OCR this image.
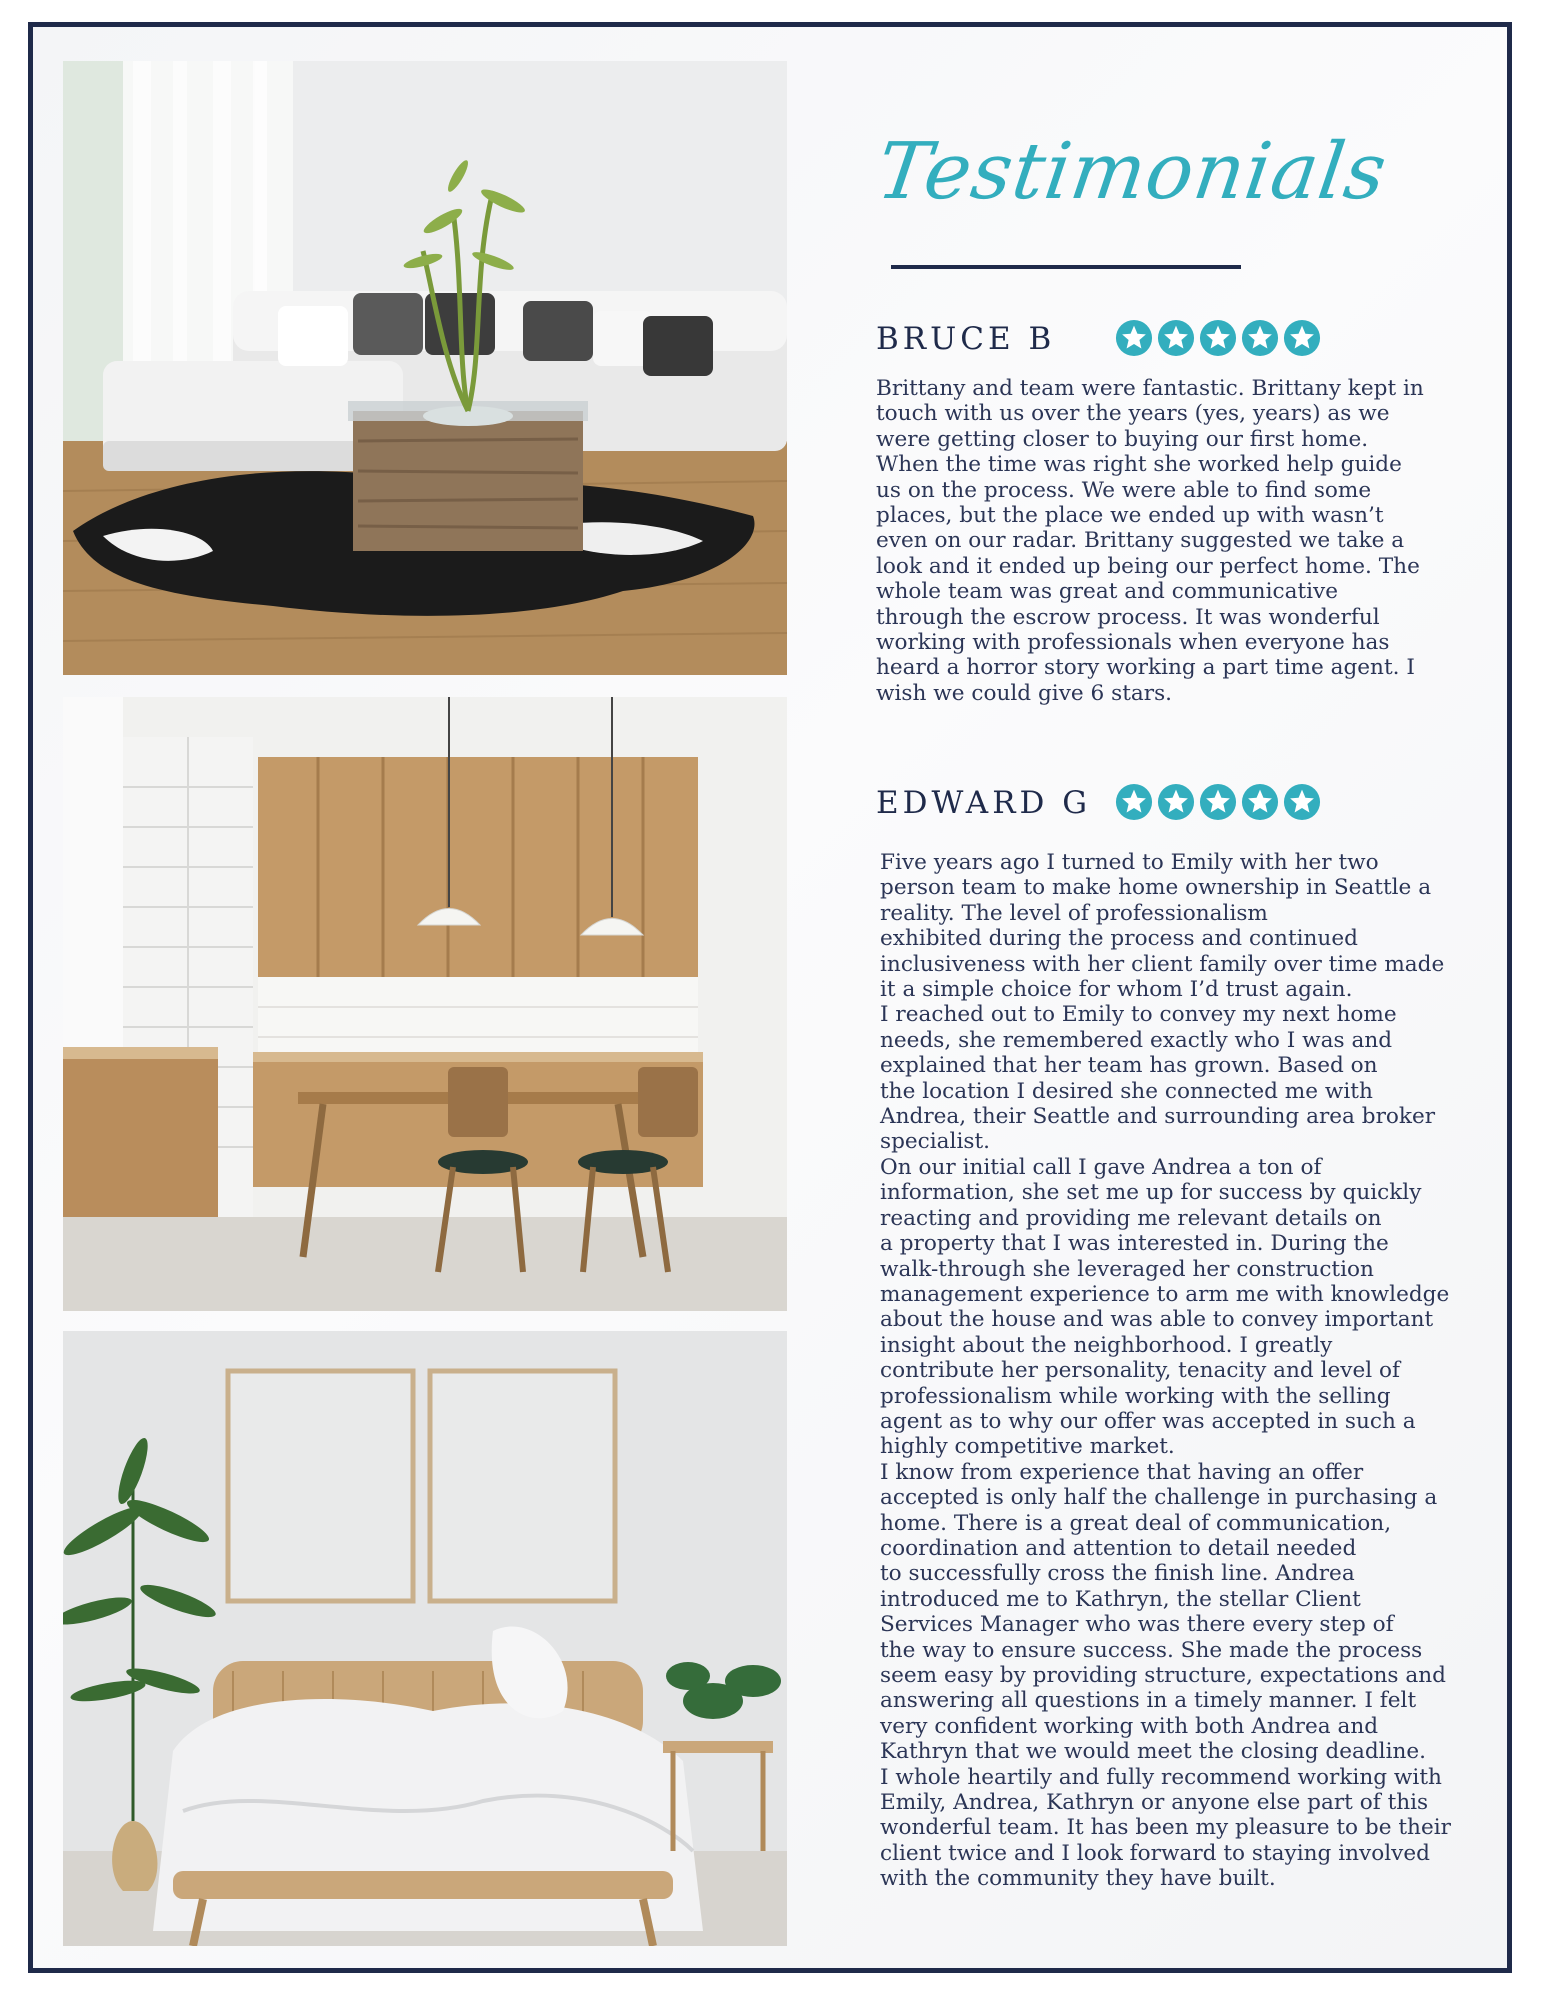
Testimonials
BRUCE B

Brittany and team were fantastic. Brittany kept in
touch with us over the years (yes, years) as we
were getting closer to buying our first home.
When the time was right she worked help guide
us on the process. We were able to find some
places, but the place we ended up with wasn’t
even on our radar. Brittany suggested we take a
look and it ended up being our perfect home. The
whole team was great and communicative
through the escrow process. It was wonderful
working with professionals when everyone has
heard a horror story working a part time agent. I
wish we could give 6 stars.

EDWARD G

Five years ago I turned to Emily with her two
person team to make home ownership in Seattle a
reality. The level of professionalism
exhibited during the process and continued
inclusiveness with her client family over time made
it a simple choice for whom I’d trust again.
I reached out to Emily to convey my next home
needs, she remembered exactly who I was and
explained that her team has grown. Based on
the location I desired she connected me with
Andrea, their Seattle and surrounding area broker
specialist.
On our initial call I gave Andrea a ton of
information, she set me up for success by quickly
reacting and providing me relevant details on
a property that I was interested in. During the
walk-through she leveraged her construction
management experience to arm me with knowledge
about the house and was able to convey important
insight about the neighborhood. I greatly
contribute her personality, tenacity and level of
professionalism while working with the selling
agent as to why our offer was accepted in such a
highly competitive market.
I know from experience that having an offer
accepted is only half the challenge in purchasing a
home. There is a great deal of communication,
coordination and attention to detail needed
to successfully cross the finish line. Andrea
introduced me to Kathryn, the stellar Client
Services Manager who was there every step of
the way to ensure success. She made the process
seem easy by providing structure, expectations and
answering all questions in a timely manner. I felt
very confident working with both Andrea and
Kathryn that we would meet the closing deadline.
I whole heartily and fully recommend working with
Emily, Andrea, Kathryn or anyone else part of this
wonderful team. It has been my pleasure to be their
client twice and I look forward to staying involved
with the community they have built.
